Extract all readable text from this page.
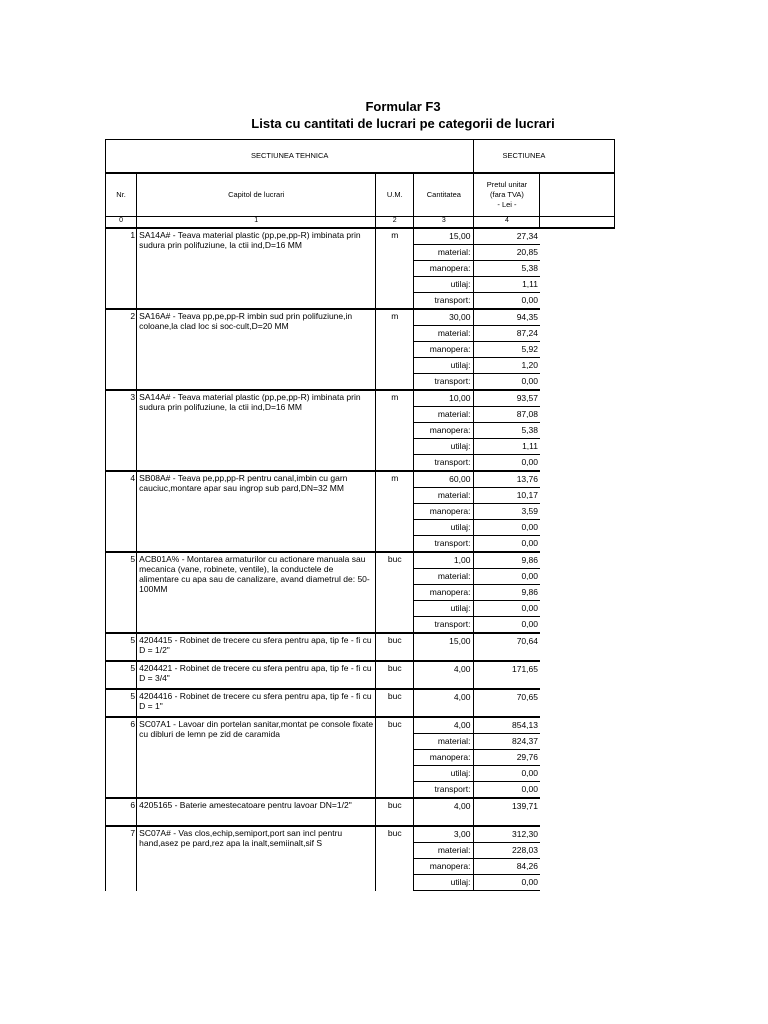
Formular F3
Lista cu cantitati de lucrari pe categorii de lucrari
SECTIUNEA TEHNICA				SECTIUNEA	
Nr.	Capitol de lucrari	U.M.	Cantitatea	Pretul unitar
(fara TVA)
- Lei -	

0	1	2	3	4	
1	SA14A# - Teava material plastic (pp,pe,pp-R) imbinata prin sudura prin polifuziune, la ctii ind,D=16 MM	m	15,00	27,34	
			material:	20,85	
			manopera:	5,38	
			utilaj:	1,11	
			transport:	0,00	
2	SA16A# - Teava pp,pe,pp-R imbin sud prin polifuziune,in coloane,la clad loc si soc-cult,D=20 MM	m	30,00	94,35	
			material:	87,24	
			manopera:	5,92	
			utilaj:	1,20	
			transport:	0,00	
3	SA14A# - Teava material plastic (pp,pe,pp-R) imbinata prin sudura prin polifuziune, la ctii ind,D=16 MM	m	10,00	93,57	
			material:	87,08	
			manopera:	5,38	
			utilaj:	1,11	
			transport:	0,00	
4	SB08A# - Teava pe,pp,pp-R pentru canal,imbin cu garn cauciuc,montare apar sau ingrop sub pard,DN=32 MM	m	60,00	13,76	
			material:	10,17	
			manopera:	3,59	
			utilaj:	0,00	
			transport:	0,00	
5	ACB01A% - Montarea armaturilor cu actionare manuala sau mecanica (vane, robinete, ventile), la conductele de alimentare cu apa sau de canalizare, avand diametrul de: 50-100MM	buc	1,00	9,86	
			material:	0,00	
			manopera:	9,86	
			utilaj:	0,00	
			transport:	0,00	
5	4204415 - Robinet de trecere cu sfera pentru apa, tip fe - fi cu D = 1/2"	buc	15,00	70,64	
5	4204421 - Robinet de trecere cu sfera pentru apa, tip fe - fi cu D = 3/4"	buc	4,00	171,65	
5	4204416 - Robinet de trecere cu sfera pentru apa, tip fe - fi cu D = 1"	buc	4,00	70,65	
6	SC07A1 - Lavoar din portelan sanitar,montat pe console fixate cu dibluri de lemn pe zid de caramida	buc	4,00	854,13	
			material:	824,37	
			manopera:	29,76	
			utilaj:	0,00	
			transport:	0,00	
6	4205165 - Baterie amestecatoare pentru lavoar DN=1/2"	buc	4,00	139,71	
7	SC07A# - Vas clos,echip,semiport,port san incl pentru hand,asez pe pard,rez apa la inalt,semiinalt,sif S	buc	3,00	312,30	
			material:	228,03	
			manopera:	84,26	
			utilaj:	0,00	
